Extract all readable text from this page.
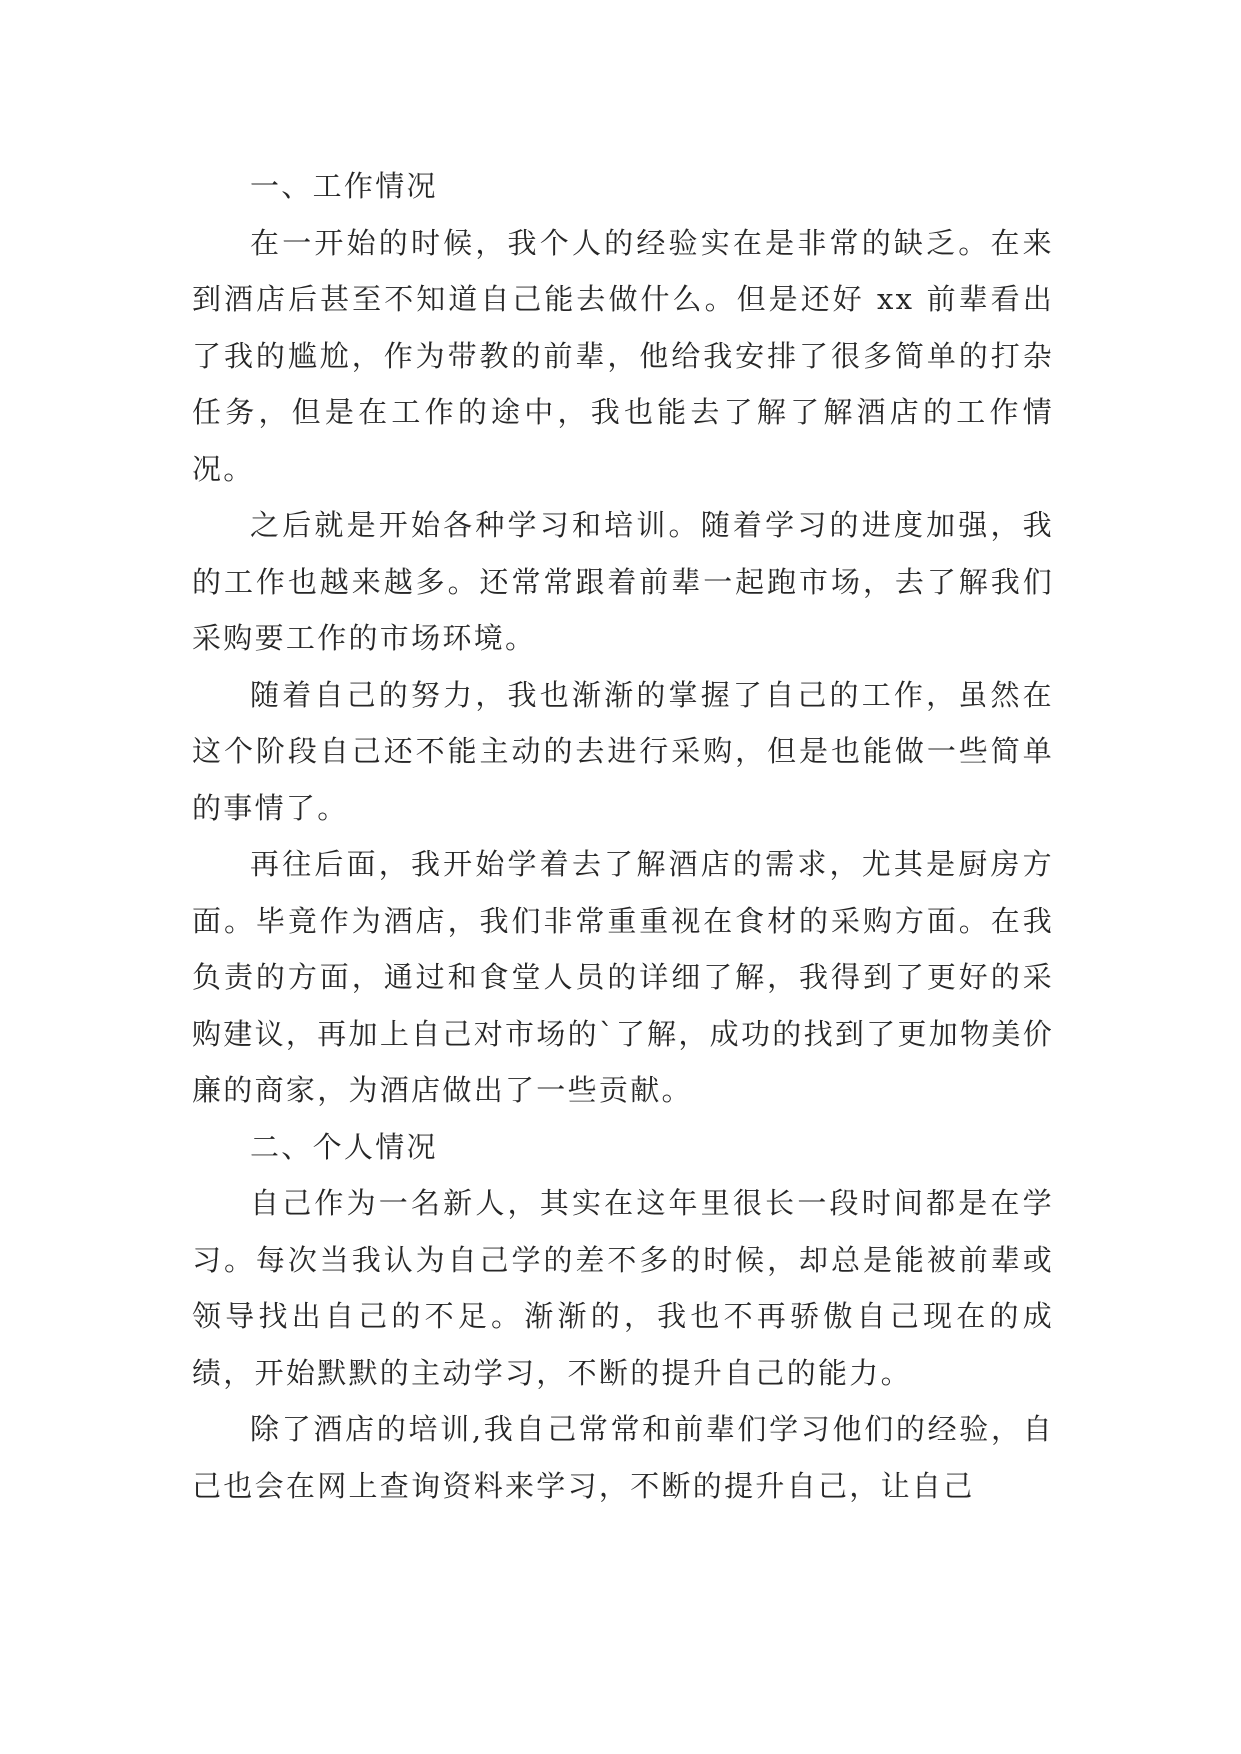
一、工作情况

在一开始的时候，我个人的经验实在是非常的缺乏。在来到酒店后甚至不知道自己能去做什么。但是还好 xx 前辈看出了我的尴尬，作为带教的前辈，他给我安排了很多简单的打杂任务，但是在工作的途中，我也能去了解了解酒店的工作情况。

之后就是开始各种学习和培训。随着学习的进度加强，我的工作也越来越多。还常常跟着前辈一起跑市场，去了解我们采购要工作的市场环境。

随着自己的努力，我也渐渐的掌握了自己的工作，虽然在这个阶段自己还不能主动的去进行采购，但是也能做一些简单的事情了。

再往后面，我开始学着去了解酒店的需求，尤其是厨房方面。毕竟作为酒店，我们非常重重视在食材的采购方面。在我负责的方面，通过和食堂人员的详细了解，我得到了更好的采购建议，再加上自己对市场的`了解，成功的找到了更加物美价廉的商家，为酒店做出了一些贡献。

二、个人情况

自己作为一名新人，其实在这年里很长一段时间都是在学习。每次当我认为自己学的差不多的时候，却总是能被前辈或领导找出自己的不足。渐渐的，我也不再骄傲自己现在的成绩，开始默默的主动学习，不断的提升自己的能力。

除了酒店的培训,我自己常常和前辈们学习他们的经验，自己也会在网上查询资料来学习，不断的提升自己，让自己
